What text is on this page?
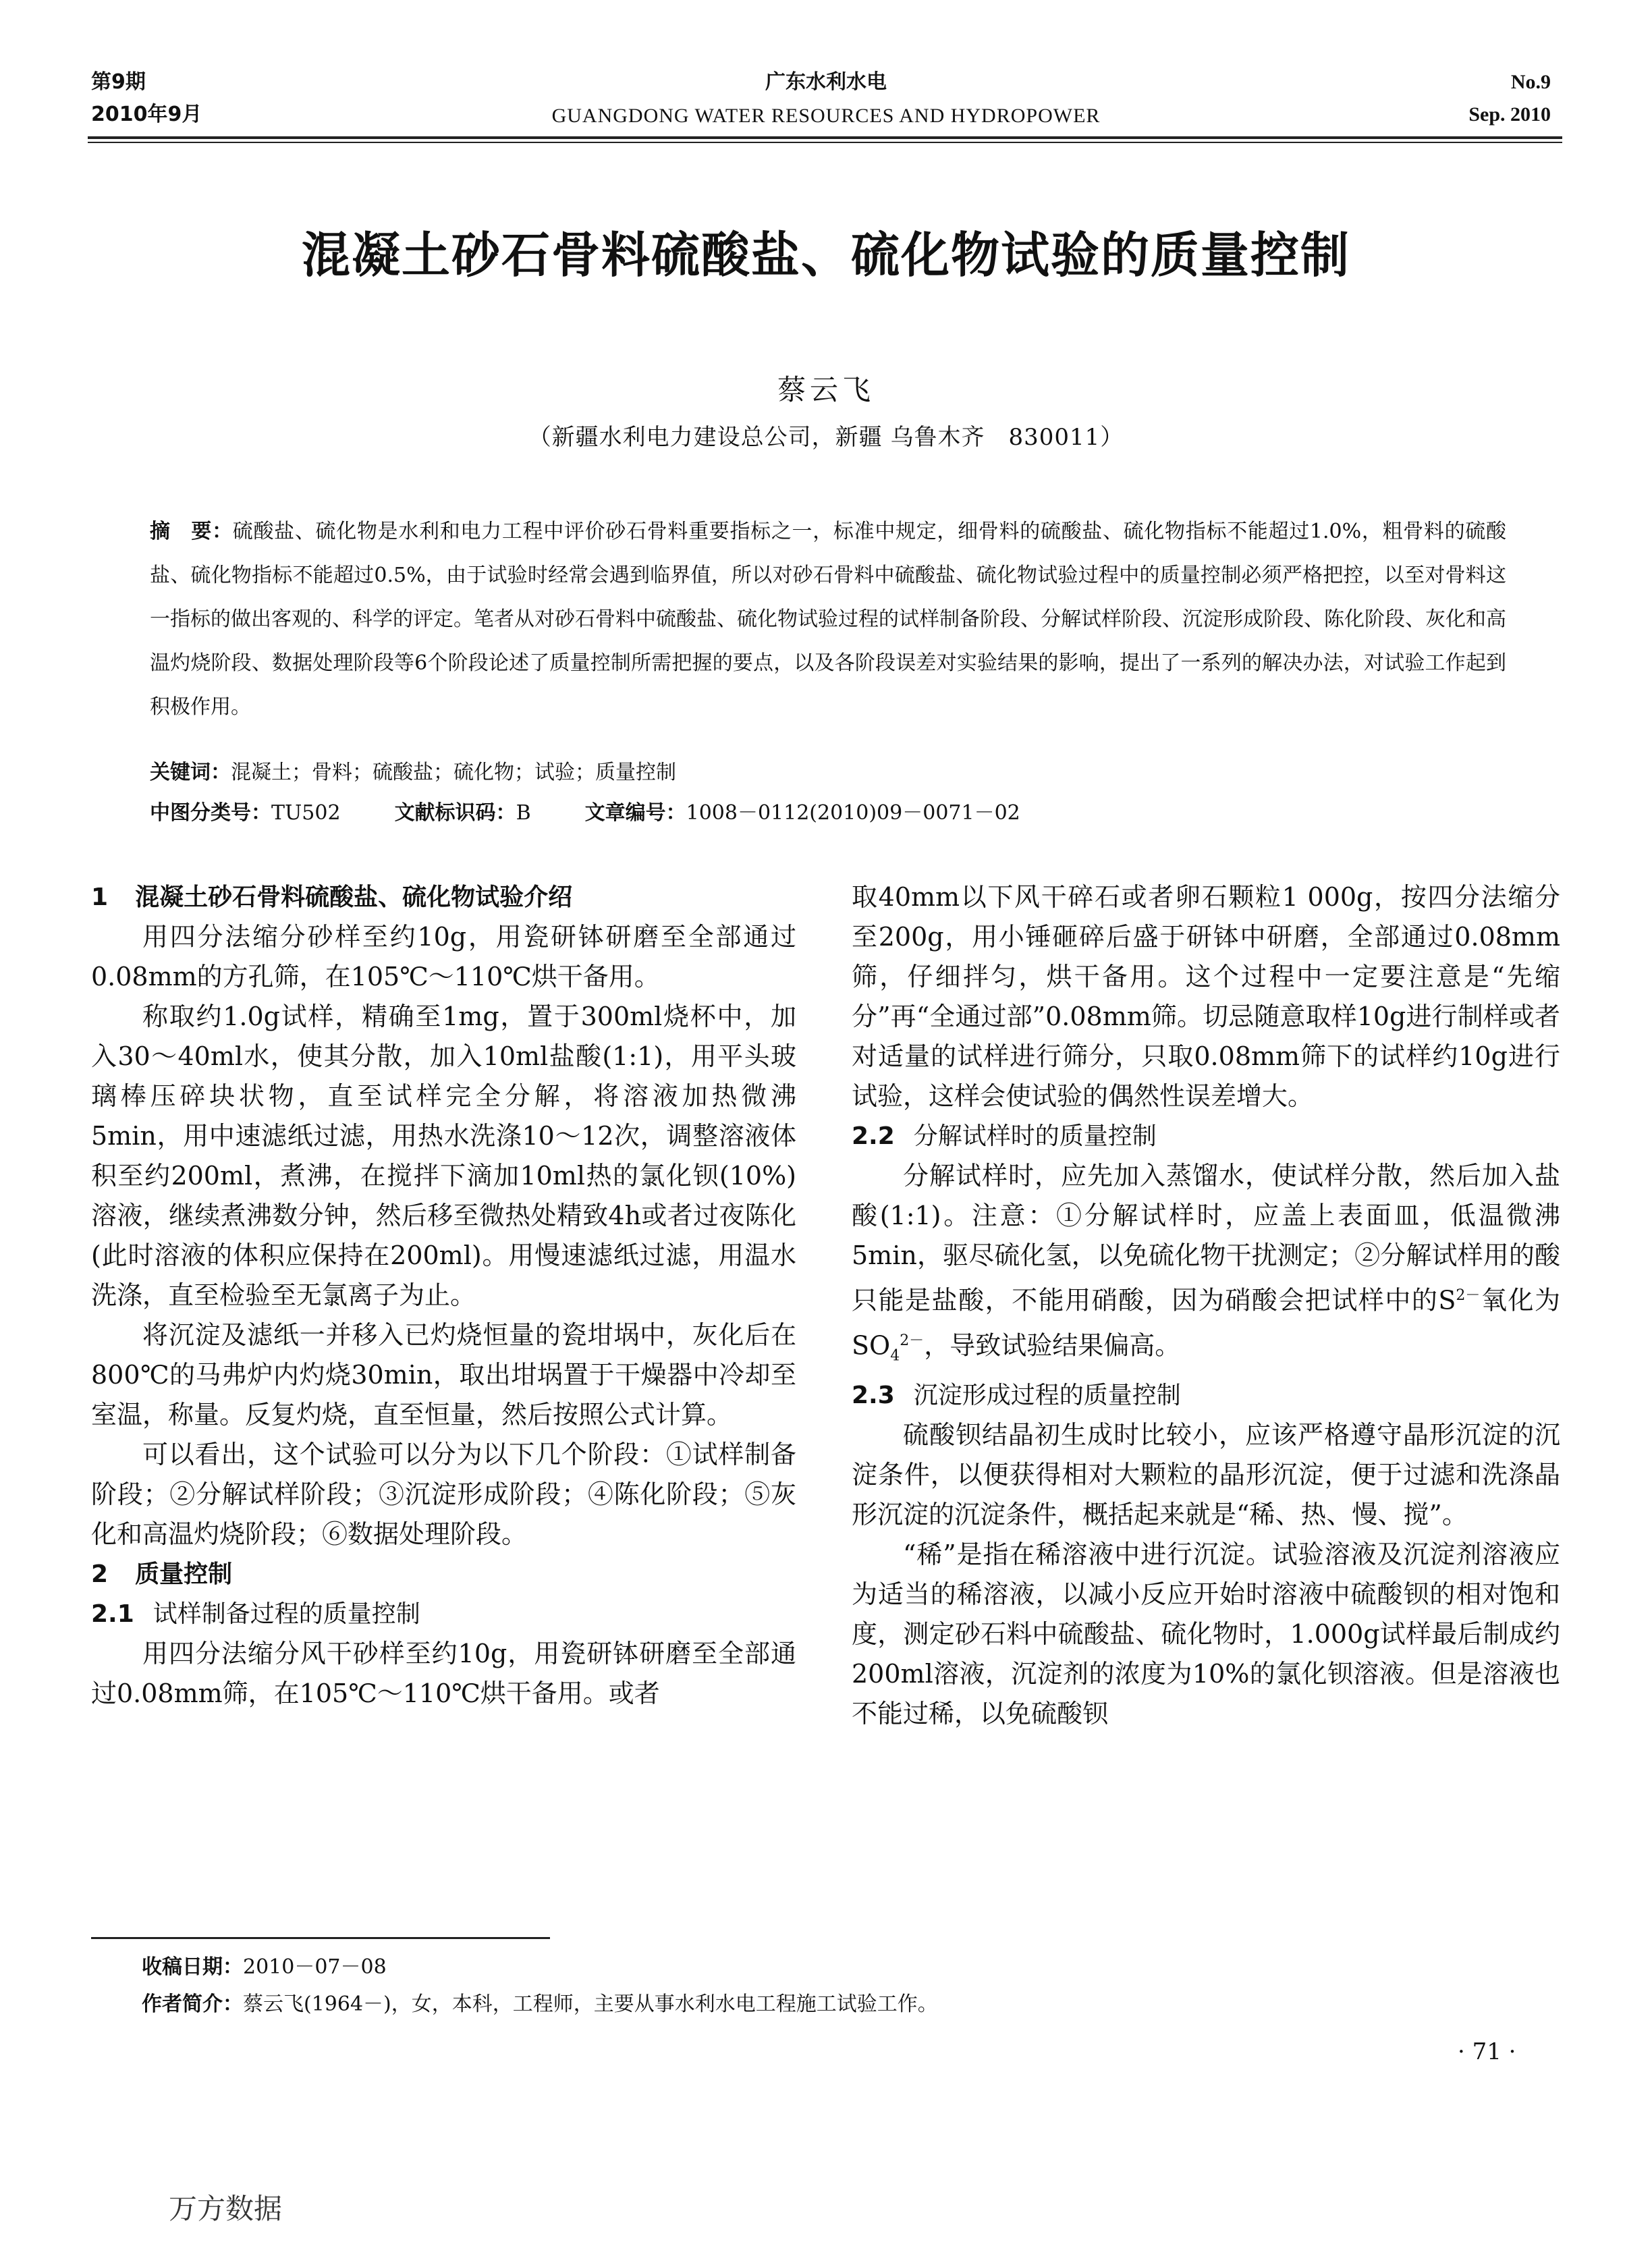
第9期
2010年9月
广东水利水电
GUANGDONG WATER RESOURCES AND HYDROPOWER
No.9
Sep. 2010
混凝土砂石骨料硫酸盐、硫化物试验的质量控制
蔡云飞
（新疆水利电力建设总公司，新疆 乌鲁木齐　830011）
摘　要：硫酸盐、硫化物是水利和电力工程中评价砂石骨料重要指标之一，标准中规定，细骨料的硫酸盐、硫化物指标不能超过1.0%，粗骨料的硫酸盐、硫化物指标不能超过0.5%，由于试验时经常会遇到临界值，所以对砂石骨料中硫酸盐、硫化物试验过程中的质量控制必须严格把控，以至对骨料这一指标的做出客观的、科学的评定。笔者从对砂石骨料中硫酸盐、硫化物试验过程的试样制备阶段、分解试样阶段、沉淀形成阶段、陈化阶段、灰化和高温灼烧阶段、数据处理阶段等6个阶段论述了质量控制所需把握的要点，以及各阶段误差对实验结果的影响，提出了一系列的解决办法，对试验工作起到积极作用。
关键词：混凝土；骨料；硫酸盐；硫化物；试验；质量控制
中图分类号：TU502	文献标识码：B	文章编号：1008－0112(2010)09－0071－02
1 混凝土砂石骨料硫酸盐、硫化物试验介绍

用四分法缩分砂样至约10g，用瓷研钵研磨至全部通过0.08mm的方孔筛，在105℃～110℃烘干备用。

称取约1.0g试样，精确至1mg，置于300ml烧杯中，加入30～40ml水，使其分散，加入10ml盐酸(1:1)，用平头玻璃棒压碎块状物，直至试样完全分解，将溶液加热微沸5min，用中速滤纸过滤，用热水洗涤10～12次，调整溶液体积至约200ml，煮沸，在搅拌下滴加10ml热的氯化钡(10%)溶液，继续煮沸数分钟，然后移至微热处精致4h或者过夜陈化(此时溶液的体积应保持在200ml)。用慢速滤纸过滤，用温水洗涤，直至检验至无氯离子为止。

将沉淀及滤纸一并移入已灼烧恒量的瓷坩埚中，灰化后在800℃的马弗炉内灼烧30min，取出坩埚置于干燥器中冷却至室温，称量。反复灼烧，直至恒量，然后按照公式计算。

可以看出，这个试验可以分为以下几个阶段：①试样制备阶段；②分解试样阶段；③沉淀形成阶段；④陈化阶段；⑤灰化和高温灼烧阶段；⑥数据处理阶段。

2 质量控制
2.1 试样制备过程的质量控制

用四分法缩分风干砂样至约10g，用瓷研钵研磨至全部通过0.08mm筛，在105℃～110℃烘干备用。或者

取40mm以下风干碎石或者卵石颗粒1 000g，按四分法缩分至200g，用小锤砸碎后盛于研钵中研磨，全部通过0.08mm筛，仔细拌匀，烘干备用。这个过程中一定要注意是“先缩分”再“全通过部”0.08mm筛。切忌随意取样10g进行制样或者对适量的试样进行筛分，只取0.08mm筛下的试样约10g进行试验，这样会使试验的偶然性误差增大。

2.2 分解试样时的质量控制

分解试样时，应先加入蒸馏水，使试样分散，然后加入盐酸(1:1)。注意：①分解试样时，应盖上表面皿，低温微沸5min，驱尽硫化氢，以免硫化物干扰测定；②分解试样用的酸只能是盐酸，不能用硝酸，因为硝酸会把试样中的$S^{2-}$氧化为$SO_4^{2-}$，导致试验结果偏高。

2.3 沉淀形成过程的质量控制

硫酸钡结晶初生成时比较小，应该严格遵守晶形沉淀的沉淀条件，以便获得相对大颗粒的晶形沉淀，便于过滤和洗涤晶形沉淀的沉淀条件，概括起来就是“稀、热、慢、搅”。

“稀”是指在稀溶液中进行沉淀。试验溶液及沉淀剂溶液应为适当的稀溶液，以减小反应开始时溶液中硫酸钡的相对饱和度，测定砂石料中硫酸盐、硫化物时，1.000g试样最后制成约200ml溶液，沉淀剂的浓度为10%的氯化钡溶液。但是溶液也不能过稀，以免硫酸钡

收稿日期：2010－07－08
作者简介：蔡云飞(1964－)，女，本科，工程师，主要从事水利水电工程施工试验工作。
· 71 ·
万方数据
